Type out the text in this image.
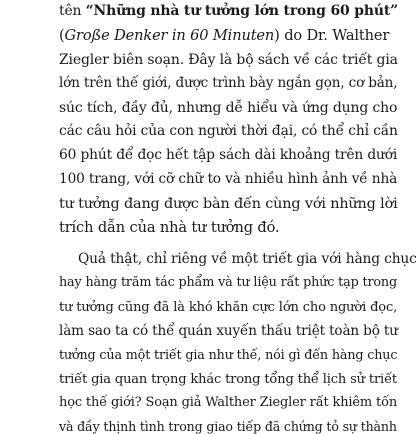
tên “Những nhà tư tưởng lớn trong 60 phút”
(Große Denker in 60 Minuten) do Dr. Walther
Ziegler biên soạn. Đây là bộ sách về các triết gia
lớn trên thế giới, được trình bày ngắn gọn, cơ bản,
súc tích, đầy đủ, nhưng dễ hiểu và ứng dụng cho
các câu hỏi của con người thời đại, có thể chỉ cần
60 phút để đọc hết tập sách dài khoảng trên dưới
100 trang, với cỡ chữ to và nhiều hình ảnh về nhà
tư tưởng đang được bàn đến cùng với những lời
trích dẫn của nhà tư tưởng đó.
Quả thật, chỉ riêng về một triết gia với hàng chục
hay hàng trăm tác phẩm và tư liệu rất phức tạp trong
tư tưởng cũng đã là khó khăn cực lớn cho người đọc,
làm sao ta có thể quán xuyến thấu triệt toàn bộ tư
tưởng của một triết gia như thế, nói gì đến hàng chục
triết gia quan trọng khác trong tổng thể lịch sử triết
học thế giới? Soạn giả Walther Ziegler rất khiêm tốn
và đầy thịnh tình trong giao tiếp đã chứng tỏ sự thành
